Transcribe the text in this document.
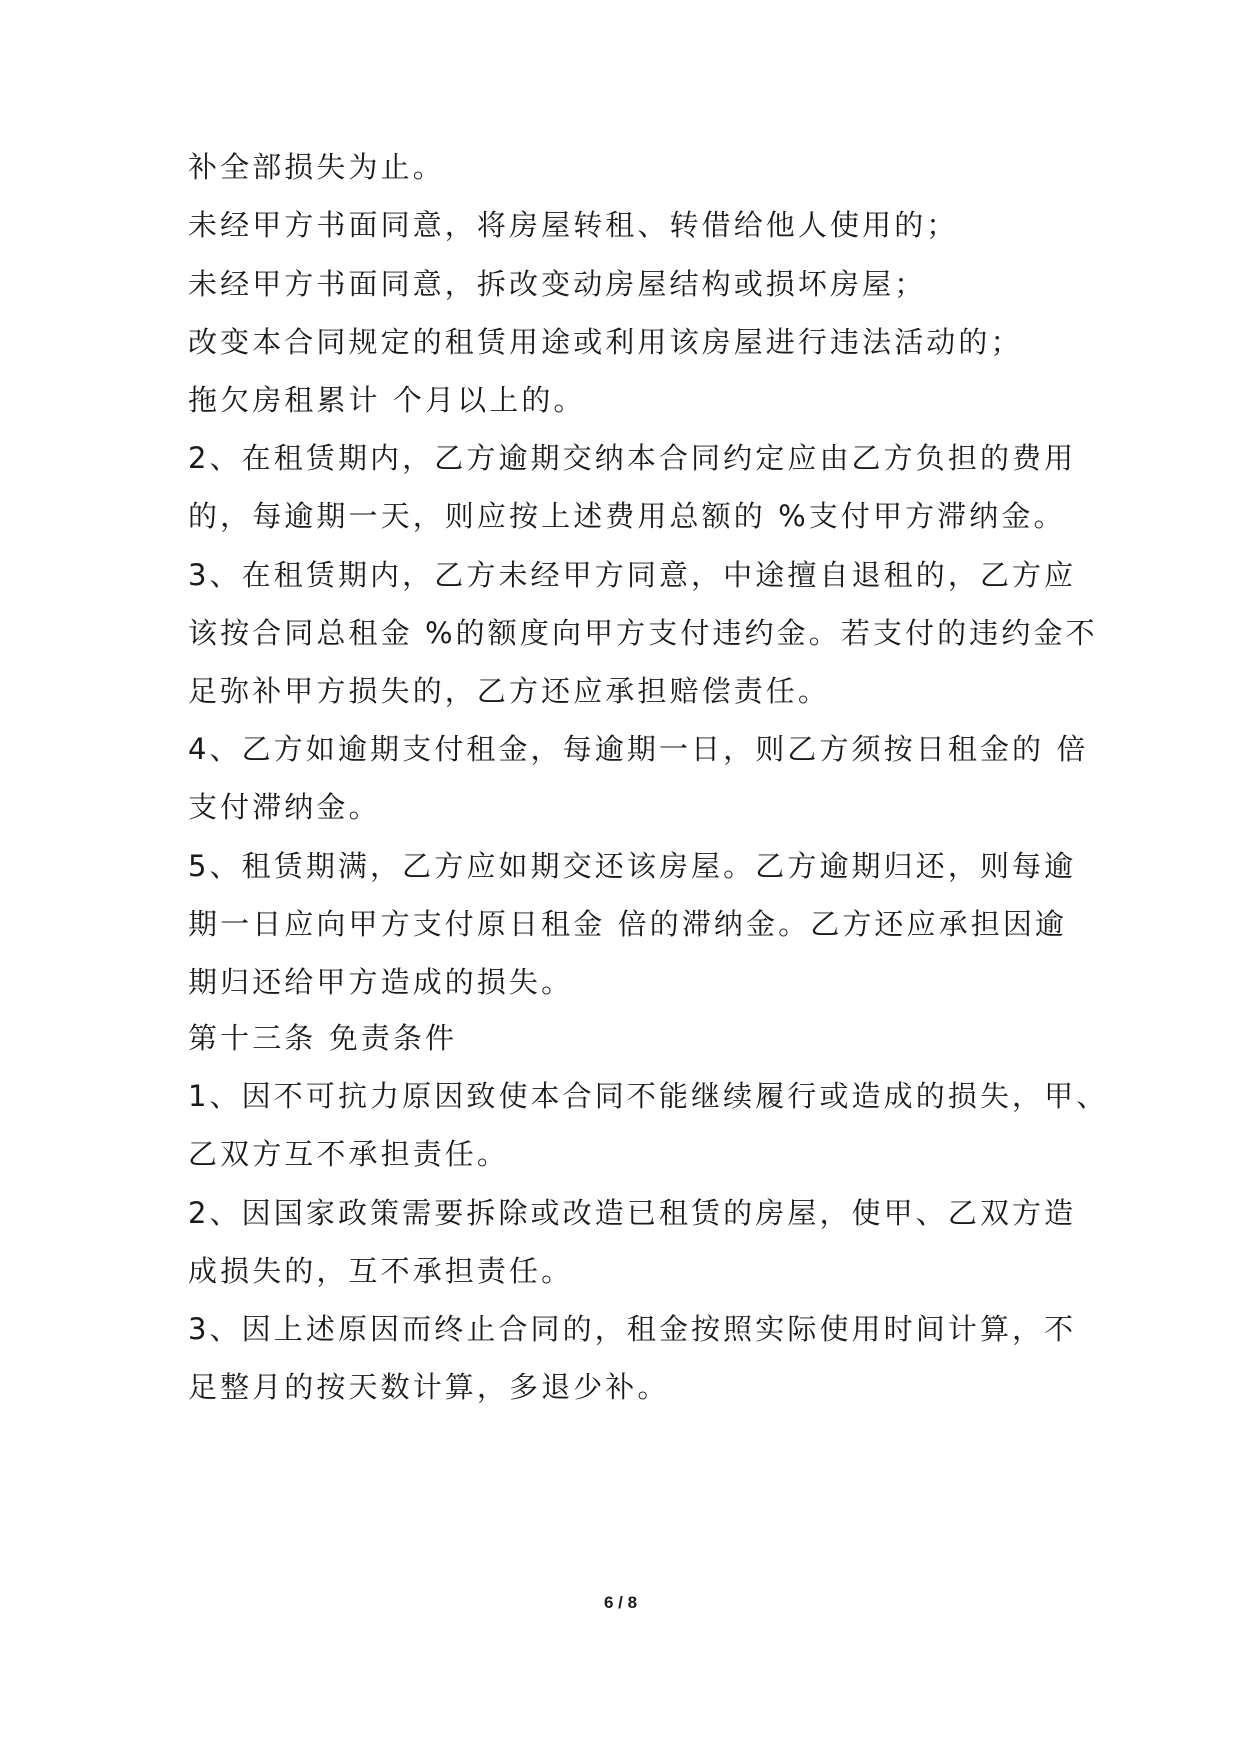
补全部损失为止。
未经甲方书面同意，将房屋转租、转借给他人使用的；
未经甲方书面同意，拆改变动房屋结构或损坏房屋；
改变本合同规定的租赁用途或利用该房屋进行违法活动的；
拖欠房租累计 个月以上的。
2、在租赁期内，乙方逾期交纳本合同约定应由乙方负担的费用
的，每逾期一天，则应按上述费用总额的 %支付甲方滞纳金。
3、在租赁期内，乙方未经甲方同意，中途擅自退租的，乙方应
该按合同总租金 %的额度向甲方支付违约金。若支付的违约金不
足弥补甲方损失的，乙方还应承担赔偿责任。
4、乙方如逾期支付租金，每逾期一日，则乙方须按日租金的 倍
支付滞纳金。
5、租赁期满，乙方应如期交还该房屋。乙方逾期归还，则每逾
期一日应向甲方支付原日租金 倍的滞纳金。乙方还应承担因逾
期归还给甲方造成的损失。
第十三条 免责条件
1、因不可抗力原因致使本合同不能继续履行或造成的损失，甲、
乙双方互不承担责任。
2、因国家政策需要拆除或改造已租赁的房屋，使甲、乙双方造
成损失的，互不承担责任。
3、因上述原因而终止合同的，租金按照实际使用时间计算，不
足整月的按天数计算，多退少补。
6 / 8
